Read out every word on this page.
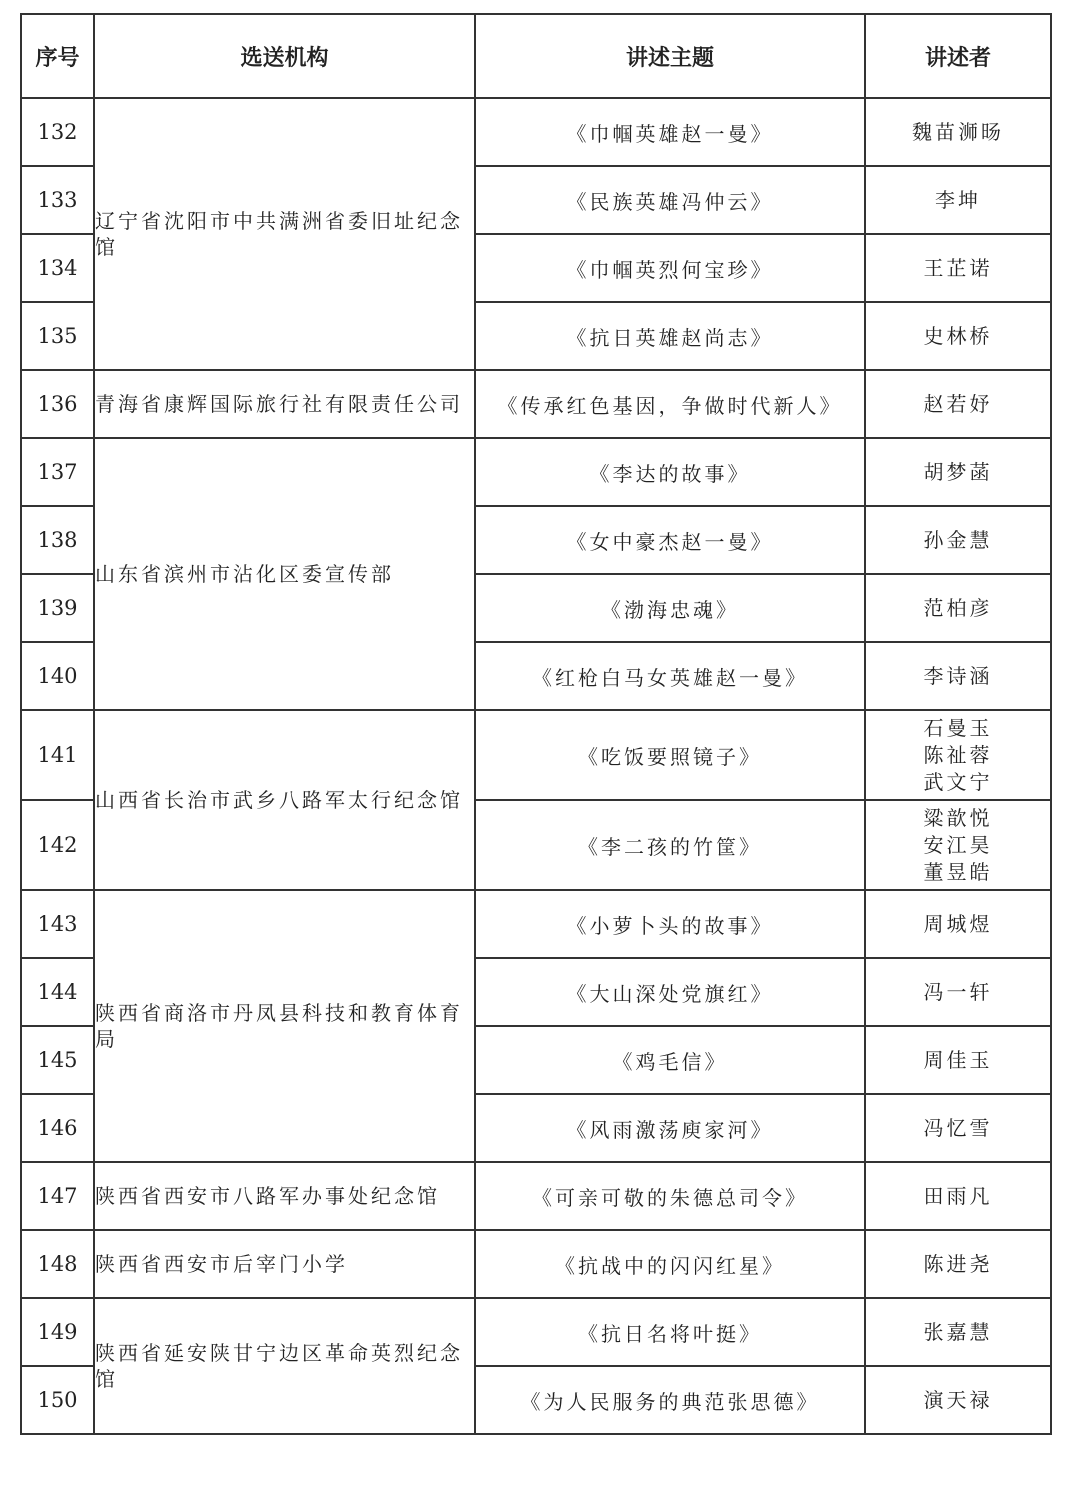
序号	选送机构	讲述主题	讲述者
132	辽宁省沈阳市中共满洲省委旧址纪念馆	《巾帼英雄赵一曼》	魏苗浉旸
133		《民族英雄冯仲云》	李坤
134		《巾帼英烈何宝珍》	王芷诺
135		《抗日英雄赵尚志》	史林桥
136	青海省康辉国际旅行社有限责任公司	《传承红色基因，争做时代新人》	赵若妤
137	山东省滨州市沾化区委宣传部	《李达的故事》	胡梦菡
138		《女中豪杰赵一曼》	孙金慧
139		《渤海忠魂》	范柏彦
140		《红枪白马女英雄赵一曼》	李诗涵
141	山西省长治市武乡八路军太行纪念馆	《吃饭要照镜子》	石曼玉
陈祉蓉
武文宁
142		《李二孩的竹筐》	粱歆悦
安江昊
董昱皓
143	陕西省商洛市丹凤县科技和教育体育局	《小萝卜头的故事》	周城煜
144		《大山深处党旗红》	冯一轩
145		《鸡毛信》	周佳玉
146		《风雨激荡庾家河》	冯忆雪
147	陕西省西安市八路军办事处纪念馆	《可亲可敬的朱德总司令》	田雨凡
148	陕西省西安市后宰门小学	《抗战中的闪闪红星》	陈进尧
149	陕西省延安陕甘宁边区革命英烈纪念馆	《抗日名将叶挺》	张嘉慧
150		《为人民服务的典范张思德》	演天禄
